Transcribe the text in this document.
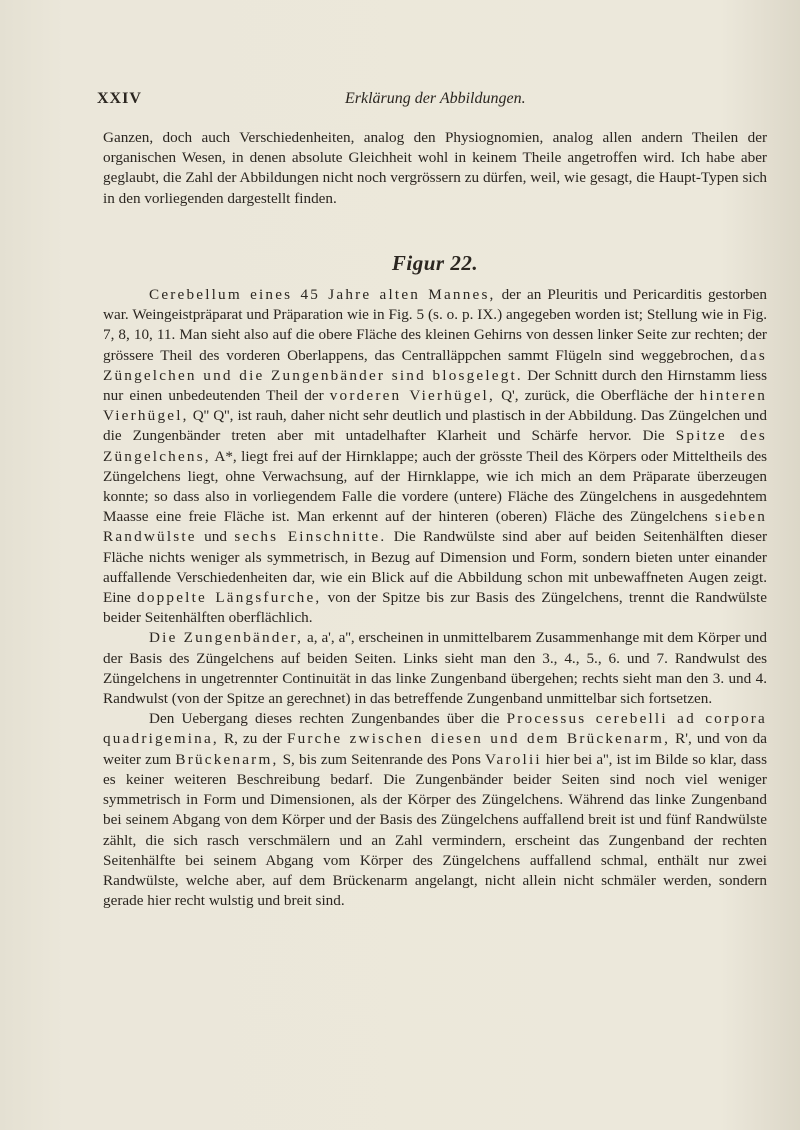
XXIV	Erklärung der Abbildungen.

Ganzen, doch auch Verschiedenheiten, analog den Physiognomien, analog allen andern Theilen der organischen Wesen, in denen absolute Gleichheit wohl in keinem Theile angetroffen wird. Ich habe aber geglaubt, die Zahl der Abbildungen nicht noch vergrössern zu dürfen, weil, wie gesagt, die Haupt-Typen sich in den vorliegenden dargestellt finden.

Figur 22.

Cerebellum eines 45 Jahre alten Mannes, der an Pleuritis und Pericarditis gestorben war. Weingeistpräparat und Präparation wie in Fig. 5 (s. o. p. IX.) angegeben worden ist; Stellung wie in Fig. 7, 8, 10, 11. Man sieht also auf die obere Fläche des kleinen Gehirns von dessen linker Seite zur rechten; der grössere Theil des vorderen Oberlappens, das Centralläppchen sammt Flügeln sind weggebrochen, das Züngelchen und die Zungenbänder sind blosgelegt. Der Schnitt durch den Hirnstamm liess nur einen unbedeutenden Theil der vorderen Vierhügel, Q', zurück, die Oberfläche der hinteren Vierhügel, Q'' Q'', ist rauh, daher nicht sehr deutlich und plastisch in der Abbildung. Das Züngelchen und die Zungenbänder treten aber mit untadelhafter Klarheit und Schärfe hervor. Die Spitze des Züngelchens, A*, liegt frei auf der Hirnklappe; auch der grösste Theil des Körpers oder Mitteltheils des Züngelchens liegt, ohne Verwachsung, auf der Hirnklappe, wie ich mich an dem Präparate überzeugen konnte; so dass also in vorliegendem Falle die vordere (untere) Fläche des Züngelchens in ausgedehntem Maasse eine freie Fläche ist. Man erkennt auf der hinteren (oberen) Fläche des Züngelchens sieben Randwülste und sechs Einschnitte. Die Randwülste sind aber auf beiden Seitenhälften dieser Fläche nichts weniger als symmetrisch, in Bezug auf Dimension und Form, sondern bieten unter einander auffallende Verschiedenheiten dar, wie ein Blick auf die Abbildung schon mit unbewaffneten Augen zeigt. Eine doppelte Längsfurche, von der Spitze bis zur Basis des Züngelchens, trennt die Randwülste beider Seitenhälften oberflächlich.

Die Zungenbänder, a, a', a'', erscheinen in unmittelbarem Zusammenhange mit dem Körper und der Basis des Züngelchens auf beiden Seiten. Links sieht man den 3., 4., 5., 6. und 7. Randwulst des Züngelchens in ungetrennter Continuität in das linke Zungenband übergehen; rechts sieht man den 3. und 4. Randwulst (von der Spitze an gerechnet) in das betreffende Zungenband unmittelbar sich fortsetzen.

Den Uebergang dieses rechten Zungenbandes über die Processus cerebelli ad corpora quadrigemina, R, zu der Furche zwischen diesen und dem Brückenarm, R', und von da weiter zum Brückenarm, S, bis zum Seitenrande des Pons Varolii hier bei a'', ist im Bilde so klar, dass es keiner weiteren Beschreibung bedarf. Die Zungenbänder beider Seiten sind noch viel weniger symmetrisch in Form und Dimensionen, als der Körper des Züngelchens. Während das linke Zungenband bei seinem Abgang von dem Körper und der Basis des Züngelchens auffallend breit ist und fünf Randwülste zählt, die sich rasch verschmälern und an Zahl vermindern, erscheint das Zungenband der rechten Seitenhälfte bei seinem Abgang vom Körper des Züngelchens auffallend schmal, enthält nur zwei Randwülste, welche aber, auf dem Brückenarm angelangt, nicht allein nicht schmäler werden, sondern gerade hier recht wulstig und breit sind.
